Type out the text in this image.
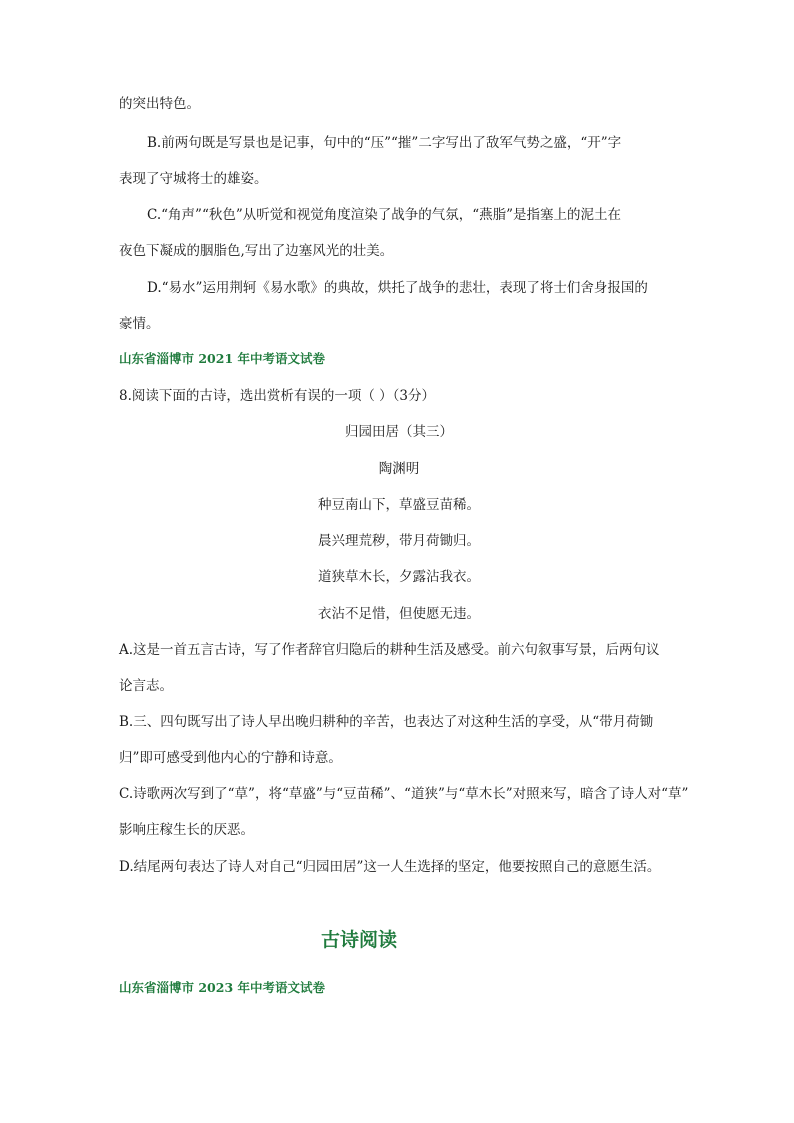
的突出特色。
B.前两句既是写景也是记事，句中的“压”“摧”二字写出了敌军气势之盛，“开”字
表现了守城将士的雄姿。
C.“角声”“秋色”从听觉和视觉角度渲染了战争的气氛，“燕脂”是指塞上的泥土在
夜色下凝成的胭脂色,写出了边塞风光的壮美。
D.“易水”运用荆轲《易水歌》的典故，烘托了战争的悲壮，表现了将士们舍身报国的
豪情。
山东省淄博市 2021 年中考语文试卷
8.阅读下面的古诗，选出赏析有误的一项（ ）（3分）
归园田居（其三）
陶渊明
种豆南山下，草盛豆苗稀。
晨兴理荒秽，带月荷锄归。
道狭草木长，夕露沾我衣。
衣沾不足惜，但使愿无违。
A.这是一首五言古诗，写了作者辞官归隐后的耕种生活及感受。前六句叙事写景，后两句议
论言志。
B.三、四句既写出了诗人早出晚归耕种的辛苦，也表达了对这种生活的享受，从“带月荷锄
归”即可感受到他内心的宁静和诗意。
C.诗歌两次写到了“草”，将“草盛”与“豆苗稀”、“道狭”与“草木长”对照来写，暗含了诗人对“草”
影响庄稼生长的厌恶。
D.结尾两句表达了诗人对自己“归园田居”这一人生选择的坚定，他要按照自己的意愿生活。
古诗阅读
山东省淄博市 2023 年中考语文试卷
